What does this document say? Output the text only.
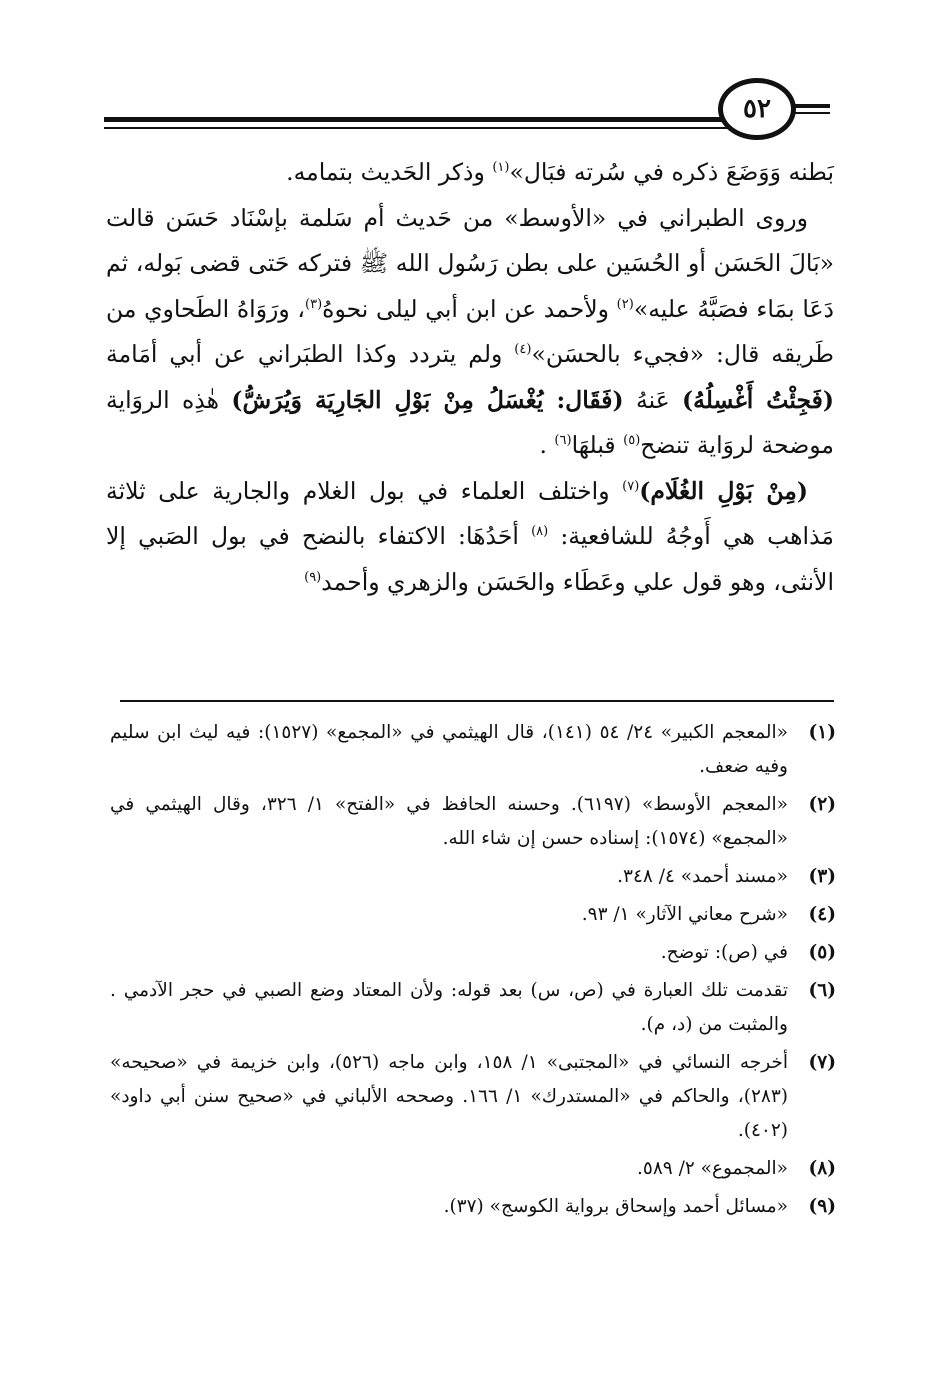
٥٢

بَطنه وَوَضَعَ ذكره في سُرته فبَال»$^{(١)}$ وذكر الحَديث بتمامه.

وروى الطبراني في «الأوسط» من حَديث أم سَلمة بإسْنَاد حَسَن قالت «بَالَ الحَسَن أو الحُسَين على بطن رَسُول الله ﷺ فتركه حَتى قضى بَوله، ثم دَعَا بمَاء فصَبَّهُ عليه»$^{(٢)}$ ولأحمد عن ابن أبي ليلى نحوهُ$^{(٣)}$، ورَوَاهُ الطَحاوي من طَريقه قال: «فجيء بالحسَن»$^{(٤)}$ ولم يتردد وكذا الطبَراني عن أبي أمَامة (فَجِئْتُ أَغْسِلُهُ) عَنهُ (فَقَال: يُغْسَلُ مِنْ بَوْلِ الجَارِيَة وَيُرَشُّ) هٰذِه الروَاية موضحة لروَاية تنضح$^{(٥)}$ قبلهَا$^{(٦)}$ .

(مِنْ بَوْلِ الغُلَام)$^{(٧)}$ واختلف العلماء في بول الغلام والجارية على ثلاثة مَذاهب هي أَوجُهُ للشافعية: $^{(٨)}$ أحَدُهَا: الاكتفاء بالنضح في بول الصَبي إلا الأنثى، وهو قول علي وعَطَاء والحَسَن والزهري وأحمد$^{(٩)}$

(١)
«المعجم الكبير» ٢٤/ ٥٤ (١٤١)، قال الهيثمي في «المجمع» (١٥٢٧): فيه ليث ابن سليم وفيه ضعف.
(٢)
«المعجم الأوسط» (٦١٩٧). وحسنه الحافظ في «الفتح» ١/ ٣٢٦، وقال الهيثمي في «المجمع» (١٥٧٤): إسناده حسن إن شاء الله.
(٣)
«مسند أحمد» ٤/ ٣٤٨.
(٤)
«شرح معاني الآثار» ١/ ٩٣.
(٥)
في (ص): توضح.
(٦)
تقدمت تلك العبارة في (ص، س) بعد قوله: ولأن المعتاد وضع الصبي في حجر الآدمي . والمثبت من (د، م).
(٧)
أخرجه النسائي في «المجتبى» ١/ ١٥٨، وابن ماجه (٥٢٦)، وابن خزيمة في «صحيحه» (٢٨٣)، والحاكم في «المستدرك» ١/ ١٦٦. وصححه الألباني في «صحيح سنن أبي داود» (٤٠٢).
(٨)
«المجموع» ٢/ ٥٨٩.
(٩)
«مسائل أحمد وإسحاق برواية الكوسج» (٣٧).
